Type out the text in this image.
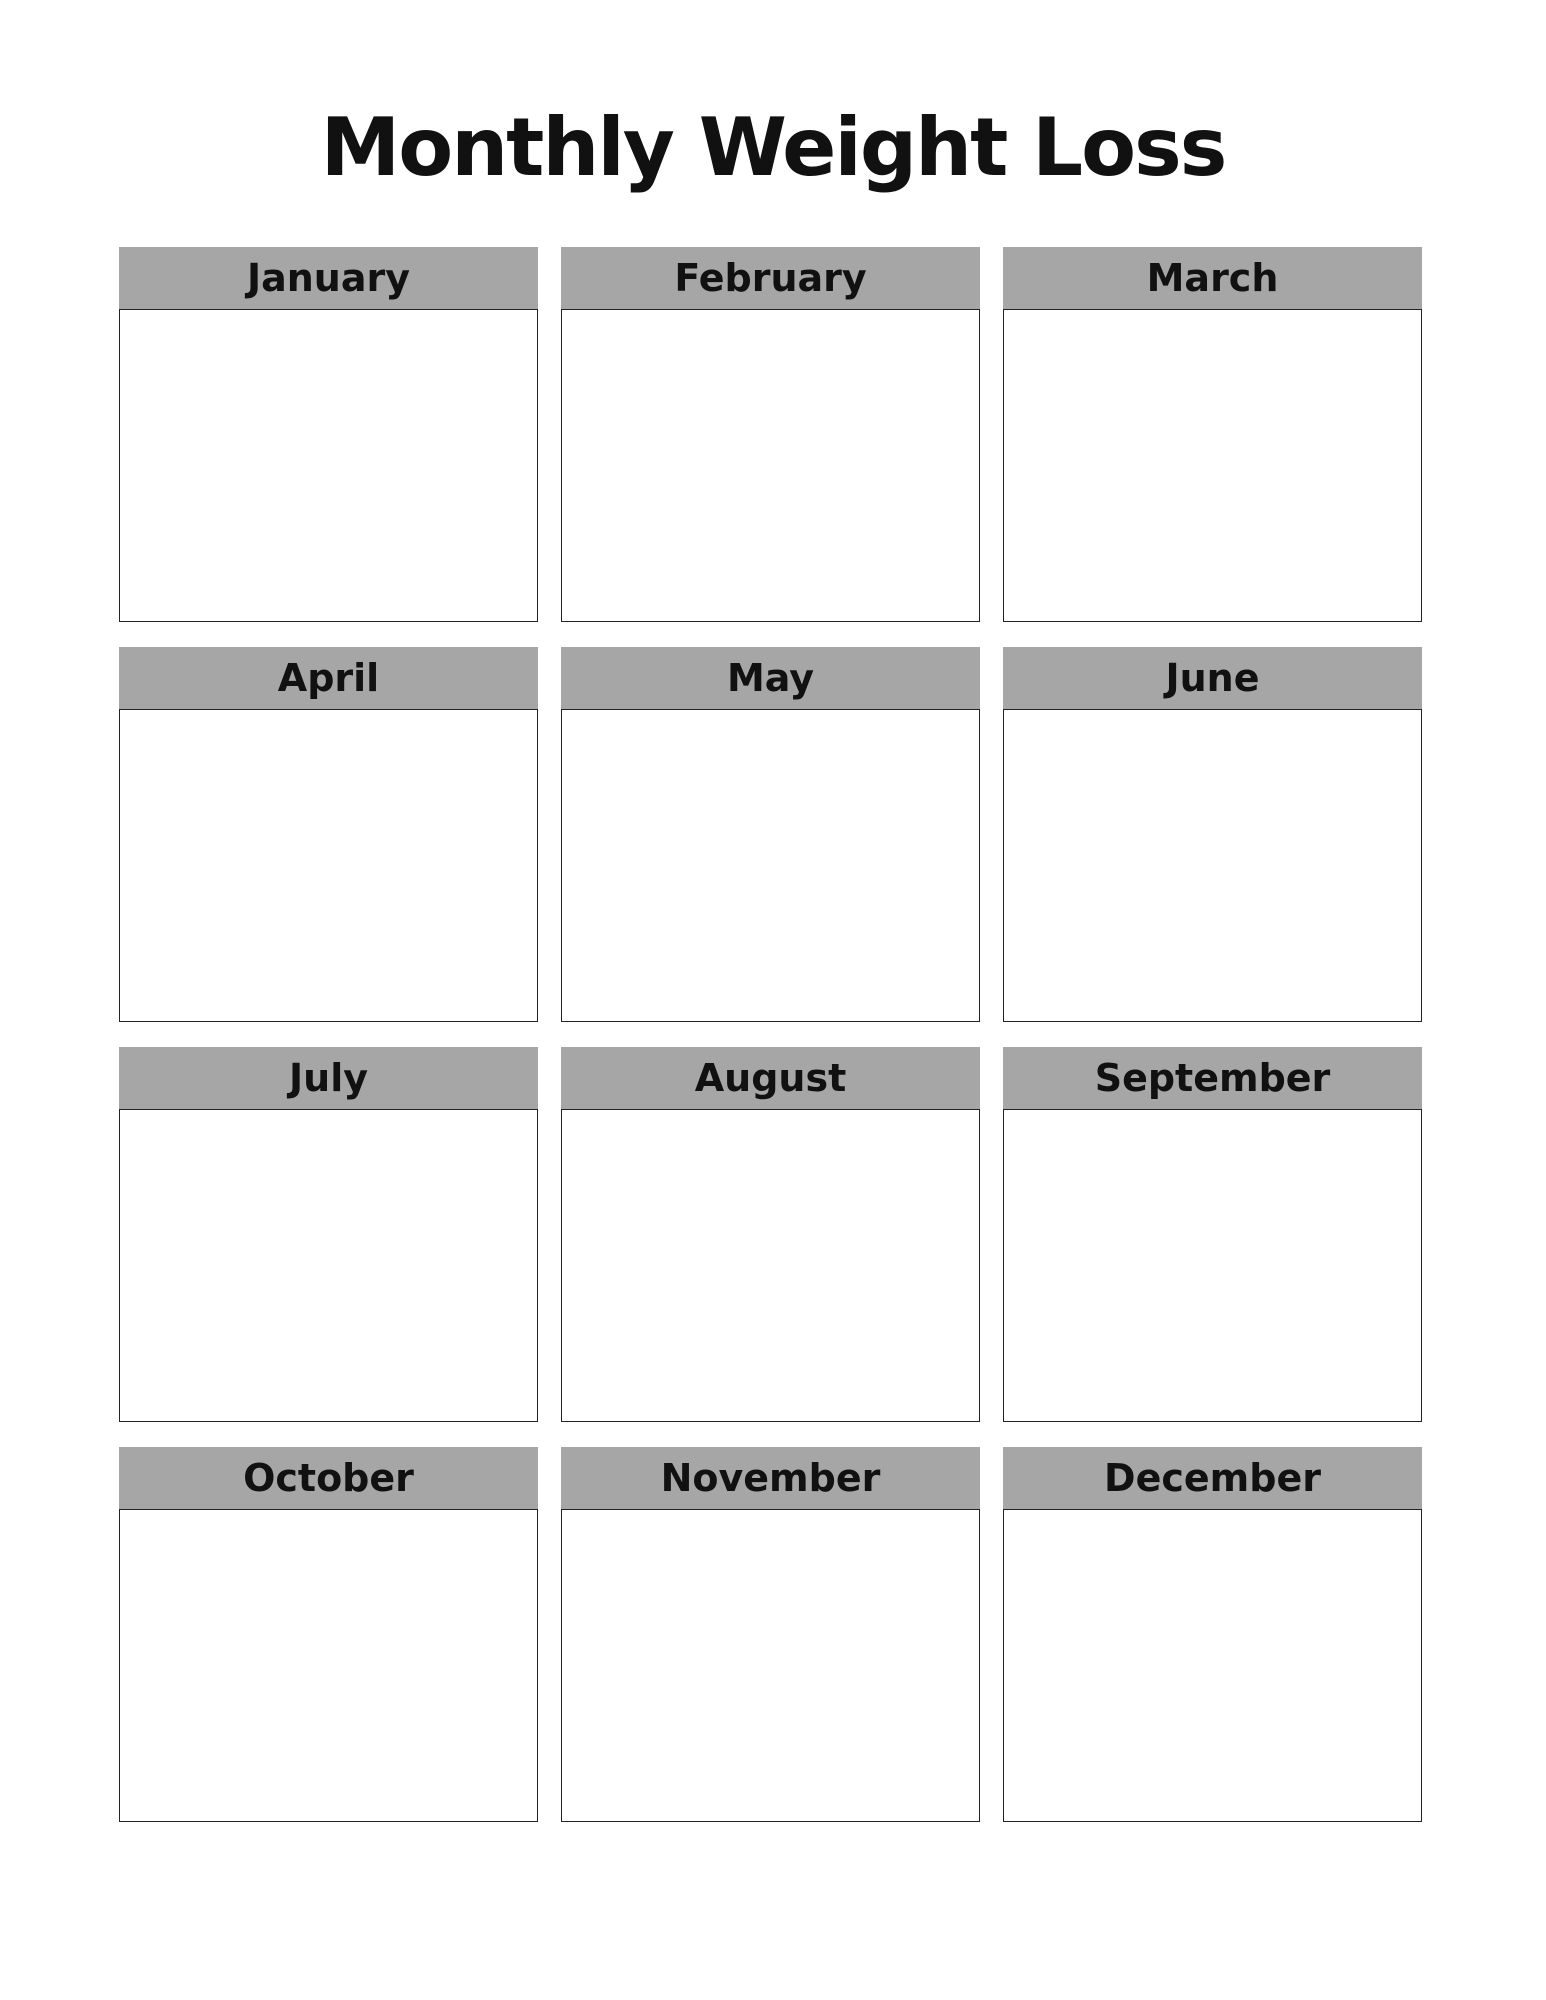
Monthly Weight Loss
January	February	March
April	May	June
July	August	September
October	November	December
